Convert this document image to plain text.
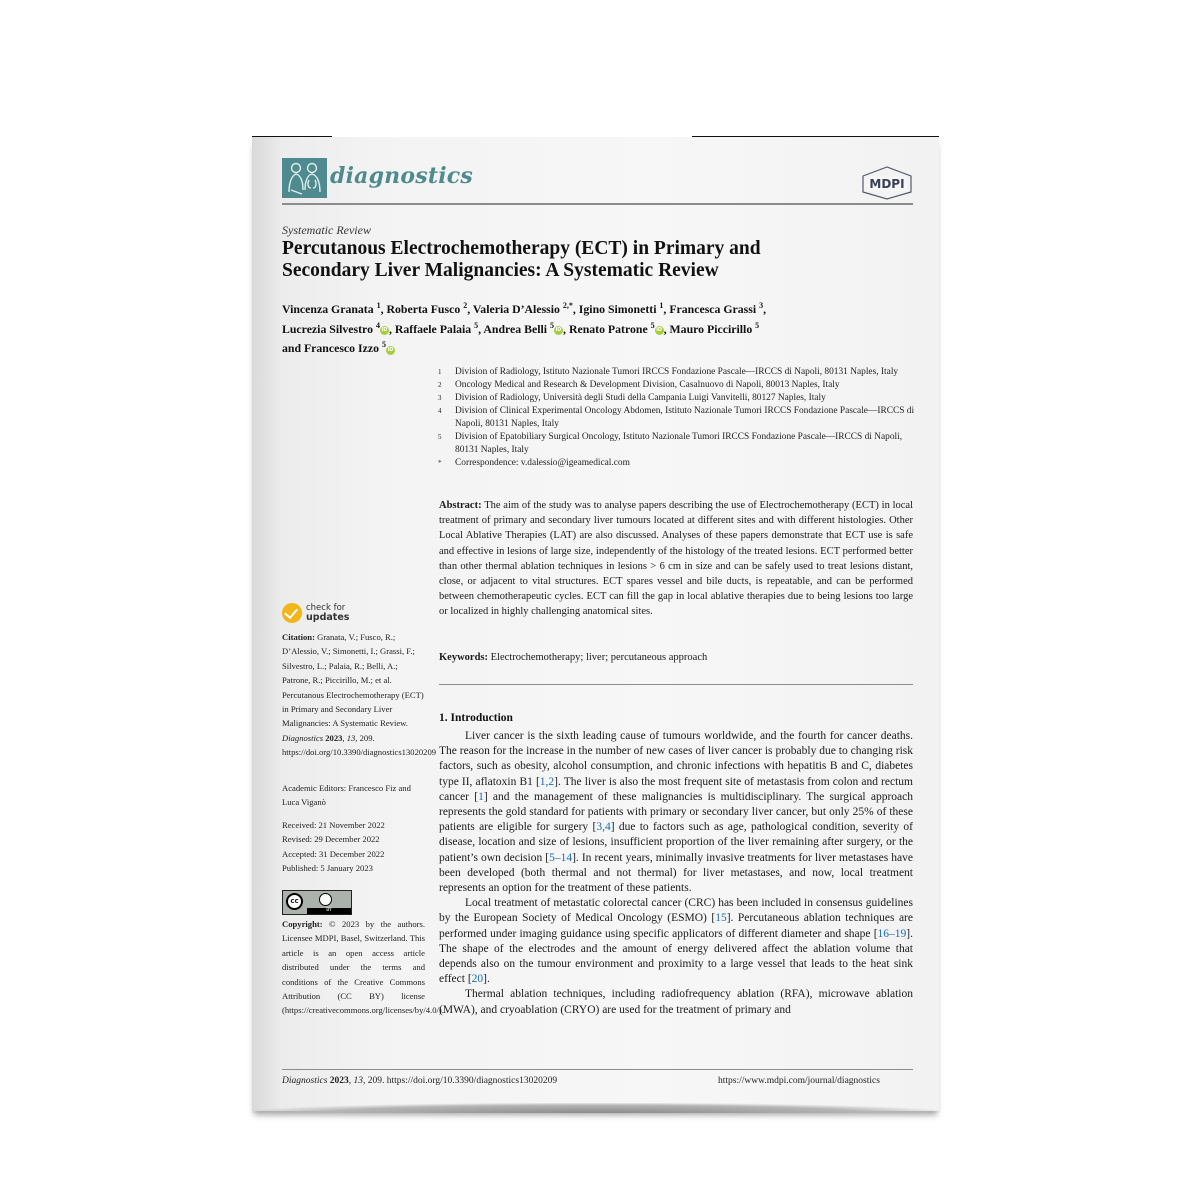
diagnostics	MDPI
Systematic Review
Percutanous Electrochemotherapy (ECT) in Primary and
Secondary Liver Malignancies: A Systematic Review
Vincenza Granata $^1$, Roberta Fusco $^2$, Valeria D’Alessio $^{2,*}$, Igino Simonetti $^1$, Francesca Grassi $^3$,
Lucrezia Silvestro $^4$iD , Raffaele Palaia $^5$, Andrea Belli $^5$iD , Renato Patrone $^5$iD , Mauro Piccirillo $^5$
and Francesco Izzo $^5$iD
1	Division of Radiology, Istituto Nazionale Tumori IRCCS Fondazione Pascale—IRCCS di Napoli, 80131 Naples, Italy
2	Oncology Medical and Research & Development Division, Casalnuovo di Napoli, 80013 Naples, Italy
3	Division of Radiology, Università degli Studi della Campania Luigi Vanvitelli, 80127 Naples, Italy
4	Division of Clinical Experimental Oncology Abdomen, Istituto Nazionale Tumori IRCCS Fondazione Pascale—IRCCS di Napoli, 80131 Naples, Italy
5	Division of Epatobiliary Surgical Oncology, Istituto Nazionale Tumori IRCCS Fondazione Pascale—IRCCS di Napoli, 80131 Naples, Italy
*	Correspondence: v.dalessio@igeamedical.com
Abstract: The aim of the study was to analyse papers describing the use of Electrochemotherapy (ECT) in local treatment of primary and secondary liver tumours located at different sites and with different histologies. Other Local Ablative Therapies (LAT) are also discussed. Analyses of these papers demonstrate that ECT use is safe and effective in lesions of large size, independently of the histology of the treated lesions. ECT performed better than other thermal ablation techniques in lesions > 6 cm in size and can be safely used to treat lesions distant, close, or adjacent to vital structures. ECT spares vessel and bile ducts, is repeatable, and can be performed between chemotherapeutic cycles. ECT can fill the gap in local ablative therapies due to being lesions too large or localized in highly challenging anatomical sites.
Keywords: Electrochemotherapy; liver; percutaneous approach
1. Introduction

Liver cancer is the sixth leading cause of tumours worldwide, and the fourth for cancer deaths. The reason for the increase in the number of new cases of liver cancer is probably due to changing risk factors, such as obesity, alcohol consumption, and chronic infections with hepatitis B and C, diabetes type II, aflatoxin B1 [1,2]. The liver is also the most frequent site of metastasis from colon and rectum cancer [1] and the management of these malignancies is multidisciplinary. The surgical approach represents the gold standard for patients with primary or secondary liver cancer, but only 25% of these patients are eligible for surgery [3,4] due to factors such as age, pathological condition, severity of disease, location and size of lesions, insufficient proportion of the liver remaining after surgery, or the patient’s own decision [5–14]. In recent years, minimally invasive treatments for liver metastases have been developed (both thermal and not thermal) for liver metastases, and now, local treatment represents an option for the treatment of these patients.

Local treatment of metastatic colorectal cancer (CRC) has been included in consensus guidelines by the European Society of Medical Oncology (ESMO) [15]. Percutaneous ablation techniques are performed under imaging guidance using specific applicators of different diameter and shape [16–19]. The shape of the electrodes and the amount of energy delivered affect the ablation volume that depends also on the tumour environment and proximity to a large vessel that leads to the heat sink effect [20].

Thermal ablation techniques, including radiofrequency ablation (RFA), microwave ablation (MWA), and cryoablation (CRYO) are used for the treatment of primary and

check for
updates
Citation: Granata, V.; Fusco, R.; D’Alessio, V.; Simonetti, I.; Grassi, F.; Silvestro, L.; Palaia, R.; Belli, A.; Patrone, R.; Piccirillo, M.; et al. Percutanous Electrochemotherapy (ECT) in Primary and Secondary Liver Malignancies: A Systematic Review. Diagnostics 2023, 13, 209. https://doi.org/10.3390/diagnostics13020209
Academic Editors: Francesco Fiz and Luca Viganò
Received: 21 November 2022
Revised: 29 December 2022
Accepted: 31 December 2022
Published: 5 January 2023
cc
BY
Copyright: © 2023 by the authors. Licensee MDPI, Basel, Switzerland. This article is an open access article distributed under the terms and conditions of the Creative Commons Attribution (CC BY) license (https://creativecommons.org/licenses/by/4.0/).
Diagnostics 2023, 13, 209. https://doi.org/10.3390/diagnostics13020209	https://www.mdpi.com/journal/diagnostics
